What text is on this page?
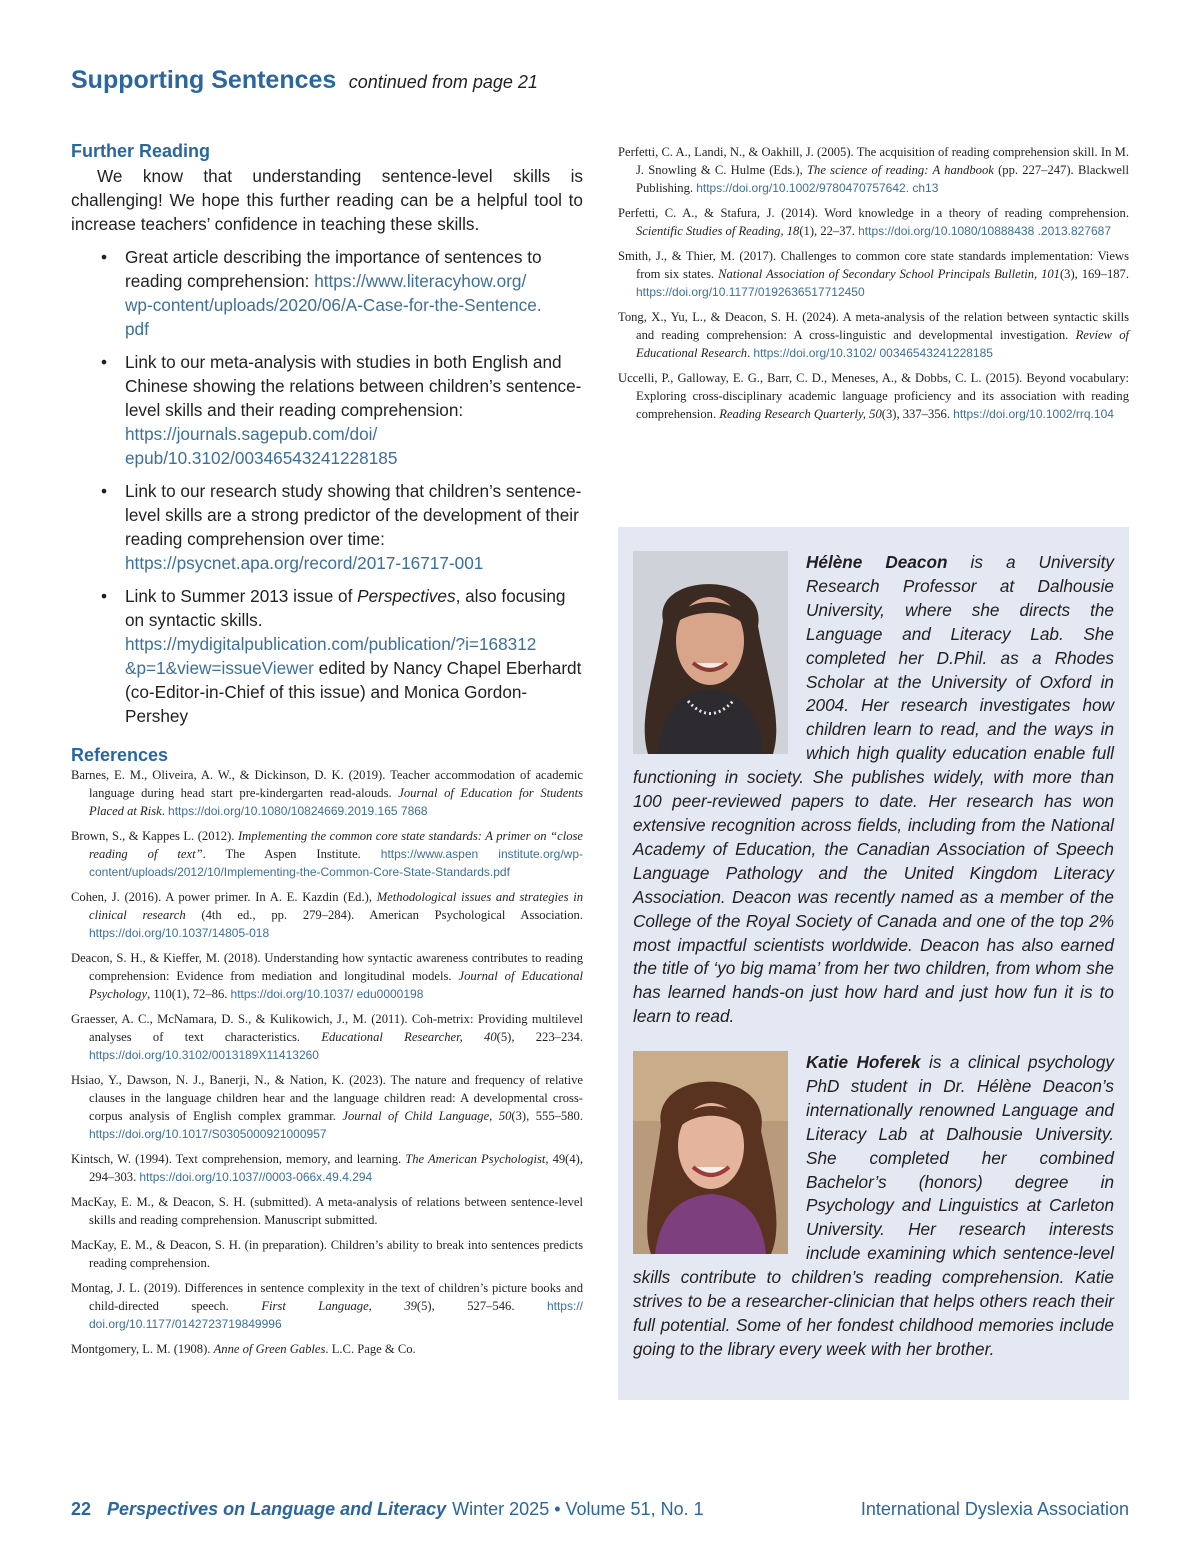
Supporting Sentences continued from page 21
Further Reading

We know that understanding sentence-level skills is challenging! We hope this further reading can be a helpful tool to increase teachers’ confidence in teaching these skills.

• Great article describing the importance of sentences to reading comprehension: https://www.literacyhow.org/
wp-content/uploads/2020/06/A-Case-for-the-Sentence.
pdf
• Link to our meta-analysis with studies in both English and Chinese showing the relations between children’s sentence-level skills and their reading comprehension:
https://journals.sagepub.com/doi/
epub/10.3102/00346543241228185
• Link to our research study showing that children’s sentence-level skills are a strong predictor of the development of their reading comprehension over time:
https://psycnet.apa.org/record/2017-16717-001
• Link to Summer 2013 issue of Perspectives, also focusing on syntactic skills.
https://mydigitalpublication.com/publication/?i=168312
&p=1&view=issueViewer edited by Nancy Chapel Eberhardt (co-Editor-in-Chief of this issue) and Monica Gordon-Pershey
References

Barnes, E. M., Oliveira, A. W., & Dickinson, D. K. (2019). Teacher accommodation of academic language during head start pre-kindergarten read-alouds. Journal of Education for Students Placed at Risk. https://doi.org/10.1080/10824669.2019.165 7868

Brown, S., & Kappes L. (2012). Implementing the common core state standards: A primer on “close reading of text”. The Aspen Institute. https://www.aspen institute.org/wp-content/uploads/2012/10/Implementing-the-Common-Core-State-Standards.pdf

Cohen, J. (2016). A power primer. In A. E. Kazdin (Ed.), Methodological issues and strategies in clinical research (4th ed., pp. 279–284). American Psychological Association. https://doi.org/10.1037/14805-018

Deacon, S. H., & Kieffer, M. (2018). Understanding how syntactic awareness contributes to reading comprehension: Evidence from mediation and longitudinal models. Journal of Educational Psychology, 110(1), 72–86. https://doi.org/10.1037/ edu0000198

Graesser, A. C., McNamara, D. S., & Kulikowich, J., M. (2011). Coh-metrix: Providing multilevel analyses of text characteristics. Educational Researcher, 40(5), 223–234. https://doi.org/10.3102/0013189X11413260

Hsiao, Y., Dawson, N. J., Banerji, N., & Nation, K. (2023). The nature and frequency of relative clauses in the language children hear and the language children read: A developmental cross-corpus analysis of English complex grammar. Journal of Child Language, 50(3), 555–580. https://doi.org/10.1017/S0305000921000957

Kintsch, W. (1994). Text comprehension, memory, and learning. The American Psychologist, 49(4), 294–303. https://doi.org/10.1037//0003-066x.49.4.294

MacKay, E. M., & Deacon, S. H. (submitted). A meta-analysis of relations between sentence-level skills and reading comprehension. Manuscript submitted.

MacKay, E. M., & Deacon, S. H. (in preparation). Children’s ability to break into sentences predicts reading comprehension.

Montag, J. L. (2019). Differences in sentence complexity in the text of children’s picture books and child-directed speech. First Language, 39(5), 527–546. https:// doi.org/10.1177/0142723719849996

Montgomery, L. M. (1908). Anne of Green Gables. L.C. Page & Co.

Perfetti, C. A., Landi, N., & Oakhill, J. (2005). The acquisition of reading comprehension skill. In M. J. Snowling & C. Hulme (Eds.), The science of reading: A handbook (pp. 227–247). Blackwell Publishing. https://doi.org/10.1002/9780470757642. ch13

Perfetti, C. A., & Stafura, J. (2014). Word knowledge in a theory of reading comprehension. Scientific Studies of Reading, 18(1), 22–37. https://doi.org/10.1080/10888438 .2013.827687

Smith, J., & Thier, M. (2017). Challenges to common core state standards implementation: Views from six states. National Association of Secondary School Principals Bulletin, 101(3), 169–187. https://doi.org/10.1177/0192636517712450

Tong, X., Yu, L., & Deacon, S. H. (2024). A meta-analysis of the relation between syntactic skills and reading comprehension: A cross-linguistic and developmental investigation. Review of Educational Research. https://doi.org/10.3102/ 00346543241228185

Uccelli, P., Galloway, E. G., Barr, C. D., Meneses, A., & Dobbs, C. L. (2015). Beyond vocabulary: Exploring cross-disciplinary academic language proficiency and its association with reading comprehension. Reading Research Quarterly, 50(3), 337–356. https://doi.org/10.1002/rrq.104

Hélène Deacon is a University Research Professor at Dalhousie University, where she directs the Language and Literacy Lab. She completed her D.Phil. as a Rhodes Scholar at the University of Oxford in 2004. Her research investigates how children learn to read, and the ways in which high quality education enable full functioning in society. She publishes widely, with more than 100 peer-reviewed papers to date. Her research has won extensive recognition across fields, including from the National Academy of Education, the Canadian Association of Speech Language Pathology and the United Kingdom Literacy Association. Deacon was recently named as a member of the College of the Royal Society of Canada and one of the top 2% most impactful scientists worldwide. Deacon has also earned the title of ‘yo big mama’ from her two children, from whom she has learned hands-on just how hard and just how fun it is to learn to read.
Katie Hoferek is a clinical psychology PhD student in Dr. Hélène Deacon’s internationally renowned Language and Literacy Lab at Dalhousie University. She completed her combined Bachelor’s (honors) degree in Psychology and Linguistics at Carleton University. Her research interests include examining which sentence-level skills contribute to children’s reading comprehension. Katie strives to be a researcher-clinician that helps others reach their full potential. Some of her fondest childhood memories include going to the library every week with her brother.
22 Perspectives on Language and Literacy Winter 2025 • Volume 51, No. 1	International Dyslexia Association
